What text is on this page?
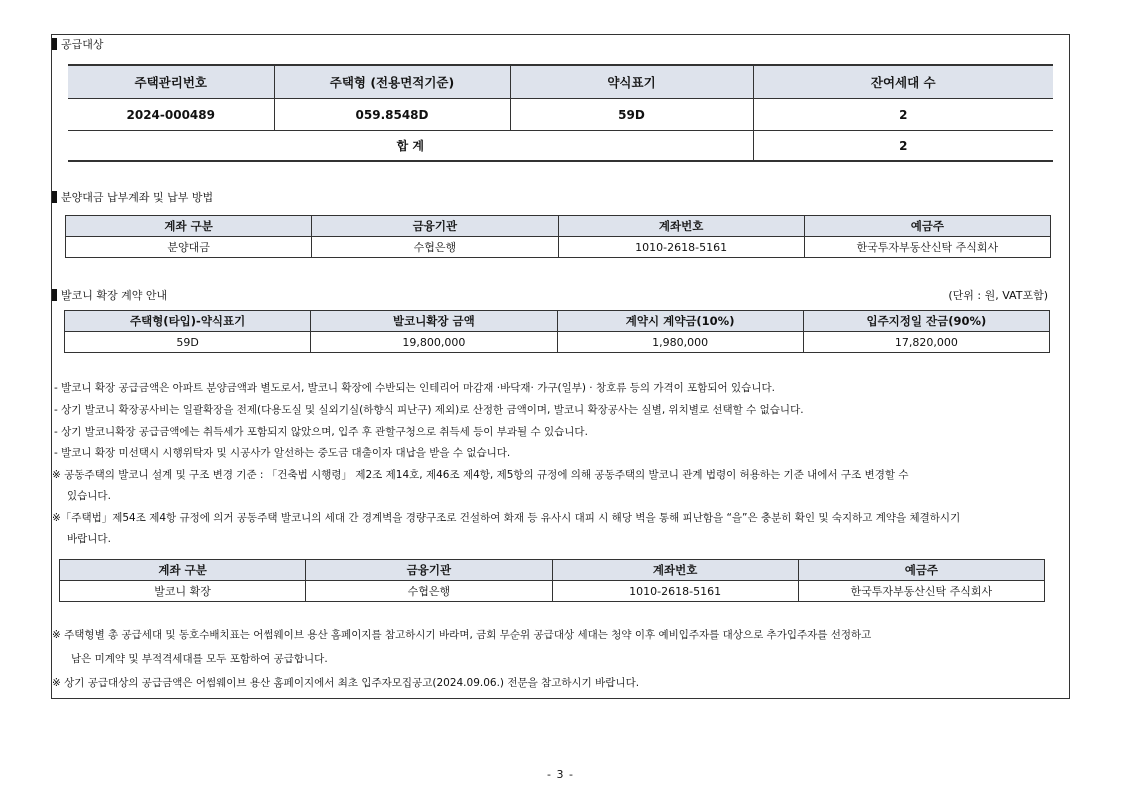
공급대상
주택관리번호	주택형 (전용면적기준)	약식표기	잔여세대 수
2024-000489	059.8548D	59D	2
합 계			2
분양대금 납부계좌 및 납부 방법
계좌 구분	금융기관	계좌번호	예금주
분양대금	수협은행	1010-2618-5161	한국투자부동산신탁 주식회사
발코니 확장 계약 안내	(단위 : 원, VAT포함)
주택형(타입)-약식표기	발코니확장 금액	계약시 계약금(10%)	입주지정일 잔금(90%)
59D	19,800,000	1,980,000	17,820,000
- 발코니 확장 공급금액은 아파트 분양금액과 별도로서, 발코니 확장에 수반되는 인테리어 마감재 ·바닥재· 가구(일부) · 창호류 등의 가격이 포함되어 있습니다.
- 상기 발코니 확장공사비는 일괄확장을 전제(다용도실 및 실외기실(하향식 피난구) 제외)로 산정한 금액이며, 발코니 확장공사는 실별, 위치별로 선택할 수 없습니다.
- 상기 발코니확장 공급금액에는 취득세가 포함되지 않았으며, 입주 후 관할구청으로 취득세 등이 부과될 수 있습니다.
- 발코니 확장 미선택시 시행위탁자 및 시공사가 알선하는 중도금 대출이자 대납을 받을 수 없습니다.
※ 공동주택의 발코니 설계 및 구조 변경 기준 : 「건축법 시행령」 제2조 제14호, 제46조 제4항, 제5항의 규정에 의해 공동주택의 발코니 관계 법령이 허용하는 기준 내에서 구조 변경할 수
있습니다.
※「주택법」제54조 제4항 규정에 의거 공동주택 발코니의 세대 간 경계벽을 경량구조로 건설하여 화재 등 유사시 대피 시 해당 벽을 통해 피난함을 “을”은 충분히 확인 및 숙지하고 계약을 체결하시기
바랍니다.
계좌 구분	금융기관	계좌번호	예금주
발코니 확장	수협은행	1010-2618-5161	한국투자부동산신탁 주식회사
※ 주택형별 총 공급세대 및 동호수배치표는 어썸웨이브 용산 홈페이지를 참고하시기 바라며, 금회 무순위 공급대상 세대는 청약 이후 예비입주자를 대상으로 추가입주자를 선정하고
남은 미계약 및 부적격세대를 모두 포함하여 공급합니다.
※ 상기 공급대상의 공급금액은 어썸웨이브 용산 홈페이지에서 최초 입주자모집공고(2024.09.06.) 전문을 참고하시기 바랍니다.
- 3 -
